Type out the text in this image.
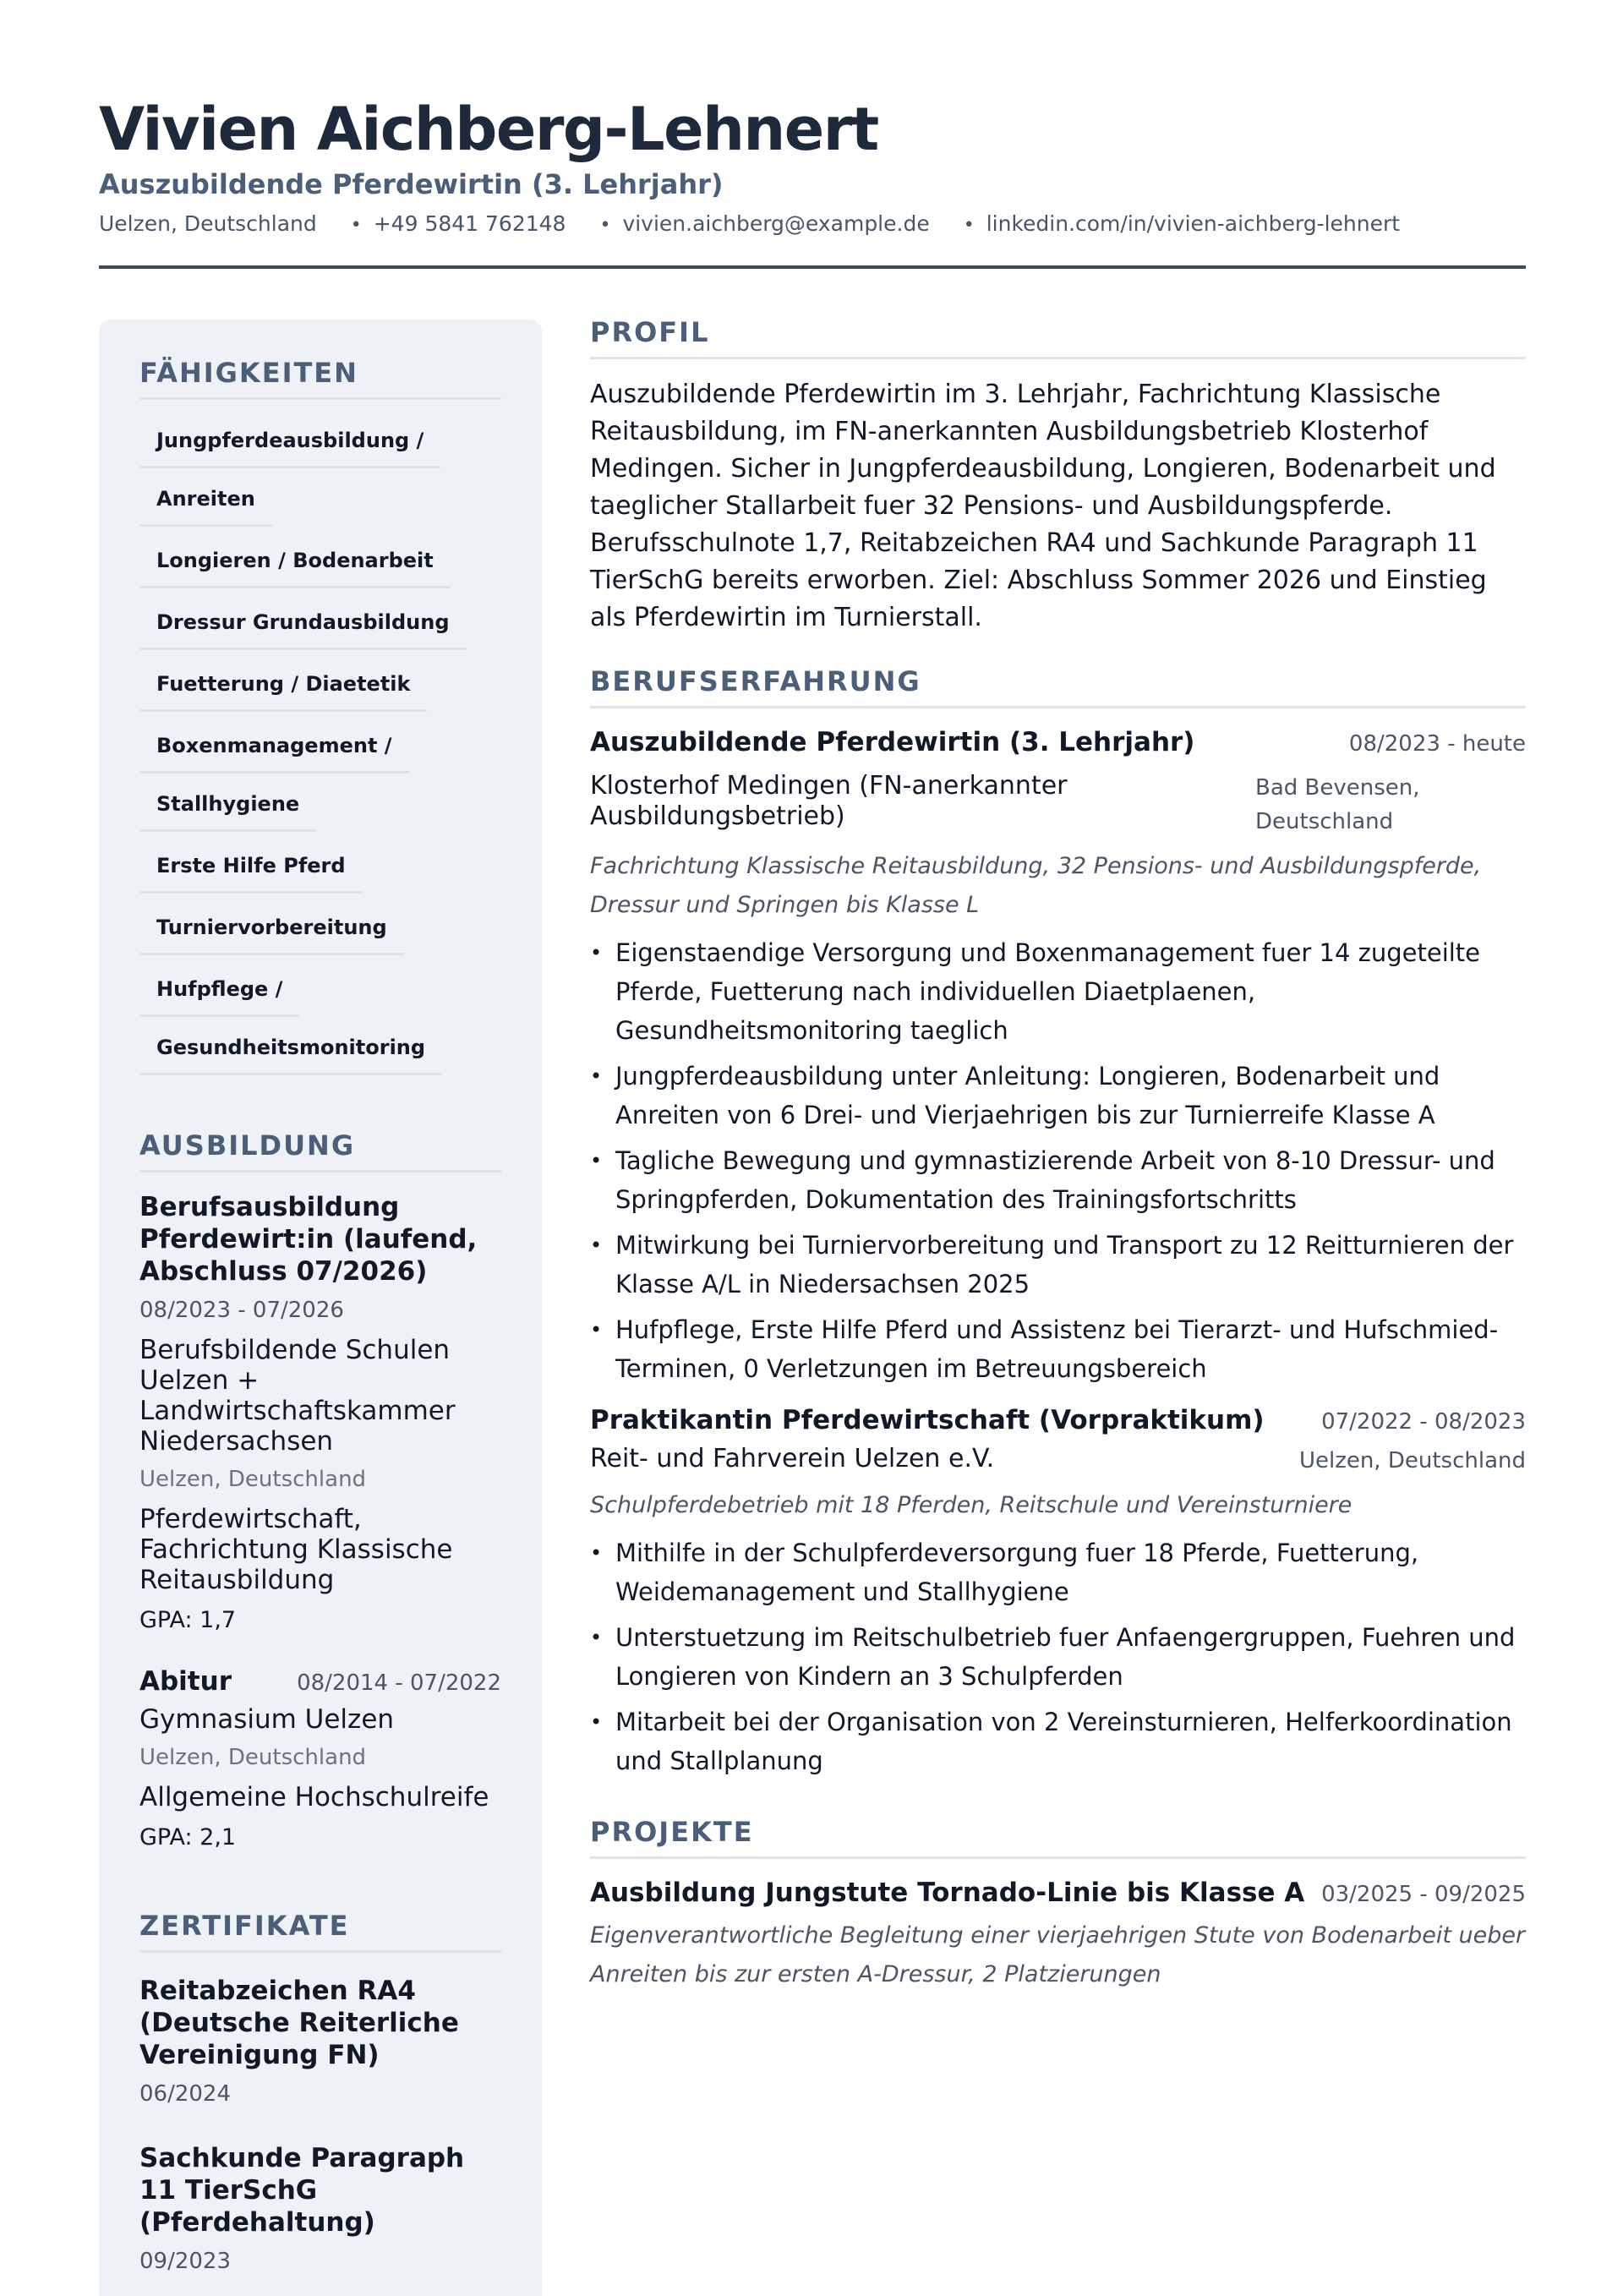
Vivien Aichberg-Lehnert
Auszubildende Pferdewirtin (3. Lehrjahr)
Uelzen, Deutschland	• +49 5841 762148	• vivien.aichberg@example.de	• linkedin.com/in/vivien-aichberg-lehnert
FÄHIGKEITEN
Jungpferdeausbildung /
Anreiten
Longieren / Bodenarbeit
Dressur Grundausbildung
Fuetterung / Diaetetik
Boxenmanagement /
Stallhygiene
Erste Hilfe Pferd
Turniervorbereitung
Hufpflege /
Gesundheitsmonitoring
AUSBILDUNG
Berufsausbildung Pferdewirt:in (laufend, Abschluss 07/2026)
08/2023 - 07/2026
Berufsbildende Schulen Uelzen + Landwirtschaftskammer Niedersachsen
Uelzen, Deutschland
Pferdewirtschaft, Fachrichtung Klassische Reitausbildung
GPA: 1,7
Abitur	08/2014 - 07/2022
Gymnasium Uelzen
Uelzen, Deutschland
Allgemeine Hochschulreife
GPA: 2,1
ZERTIFIKATE
Reitabzeichen RA4 (Deutsche Reiterliche Vereinigung FN)
06/2024
Sachkunde Paragraph 11 TierSchG (Pferdehaltung)
09/2023
PROFIL
Auszubildende Pferdewirtin im 3. Lehrjahr, Fachrichtung Klassische Reitausbildung, im FN-anerkannten Ausbildungsbetrieb Klosterhof Medingen. Sicher in Jungpferdeausbildung, Longieren, Bodenarbeit und taeglicher Stallarbeit fuer 32 Pensions- und Ausbildungspferde. Berufsschulnote 1,7, Reitabzeichen RA4 und Sachkunde Paragraph 11 TierSchG bereits erworben. Ziel: Abschluss Sommer 2026 und Einstieg als Pferdewirtin im Turnierstall.
BERUFSERFAHRUNG
Auszubildende Pferdewirtin (3. Lehrjahr)	08/2023 - heute
Klosterhof Medingen (FN-anerkannter Ausbildungsbetrieb)
Bad Bevensen, Deutschland
Fachrichtung Klassische Reitausbildung, 32 Pensions- und Ausbildungspferde, Dressur und Springen bis Klasse L
• Eigenstaendige Versorgung und Boxenmanagement fuer 14 zugeteilte Pferde, Fuetterung nach individuellen Diaetplaenen, Gesundheitsmonitoring taeglich
• Jungpferdeausbildung unter Anleitung: Longieren, Bodenarbeit und Anreiten von 6 Drei- und Vierjaehrigen bis zur Turnierreife Klasse A
• Tagliche Bewegung und gymnastizierende Arbeit von 8-10 Dressur- und Springpferden, Dokumentation des Trainingsfortschritts
• Mitwirkung bei Turniervorbereitung und Transport zu 12 Reitturnieren der Klasse A/L in Niedersachsen 2025
• Hufpflege, Erste Hilfe Pferd und Assistenz bei Tierarzt- und Hufschmied-Terminen, 0 Verletzungen im Betreuungsbereich
Praktikantin Pferdewirtschaft (Vorpraktikum)	07/2022 - 08/2023
Reit- und Fahrverein Uelzen e.V.	Uelzen, Deutschland
Schulpferdebetrieb mit 18 Pferden, Reitschule und Vereinsturniere
• Mithilfe in der Schulpferdeversorgung fuer 18 Pferde, Fuetterung, Weidemanagement und Stallhygiene
• Unterstuetzung im Reitschulbetrieb fuer Anfaengergruppen, Fuehren und Longieren von Kindern an 3 Schulpferden
• Mitarbeit bei der Organisation von 2 Vereinsturnieren, Helferkoordination und Stallplanung
PROJEKTE
Ausbildung Jungstute Tornado-Linie bis Klasse A 03/2025 - 09/2025
Eigenverantwortliche Begleitung einer vierjaehrigen Stute von Bodenarbeit ueber Anreiten bis zur ersten A-Dressur, 2 Platzierungen
